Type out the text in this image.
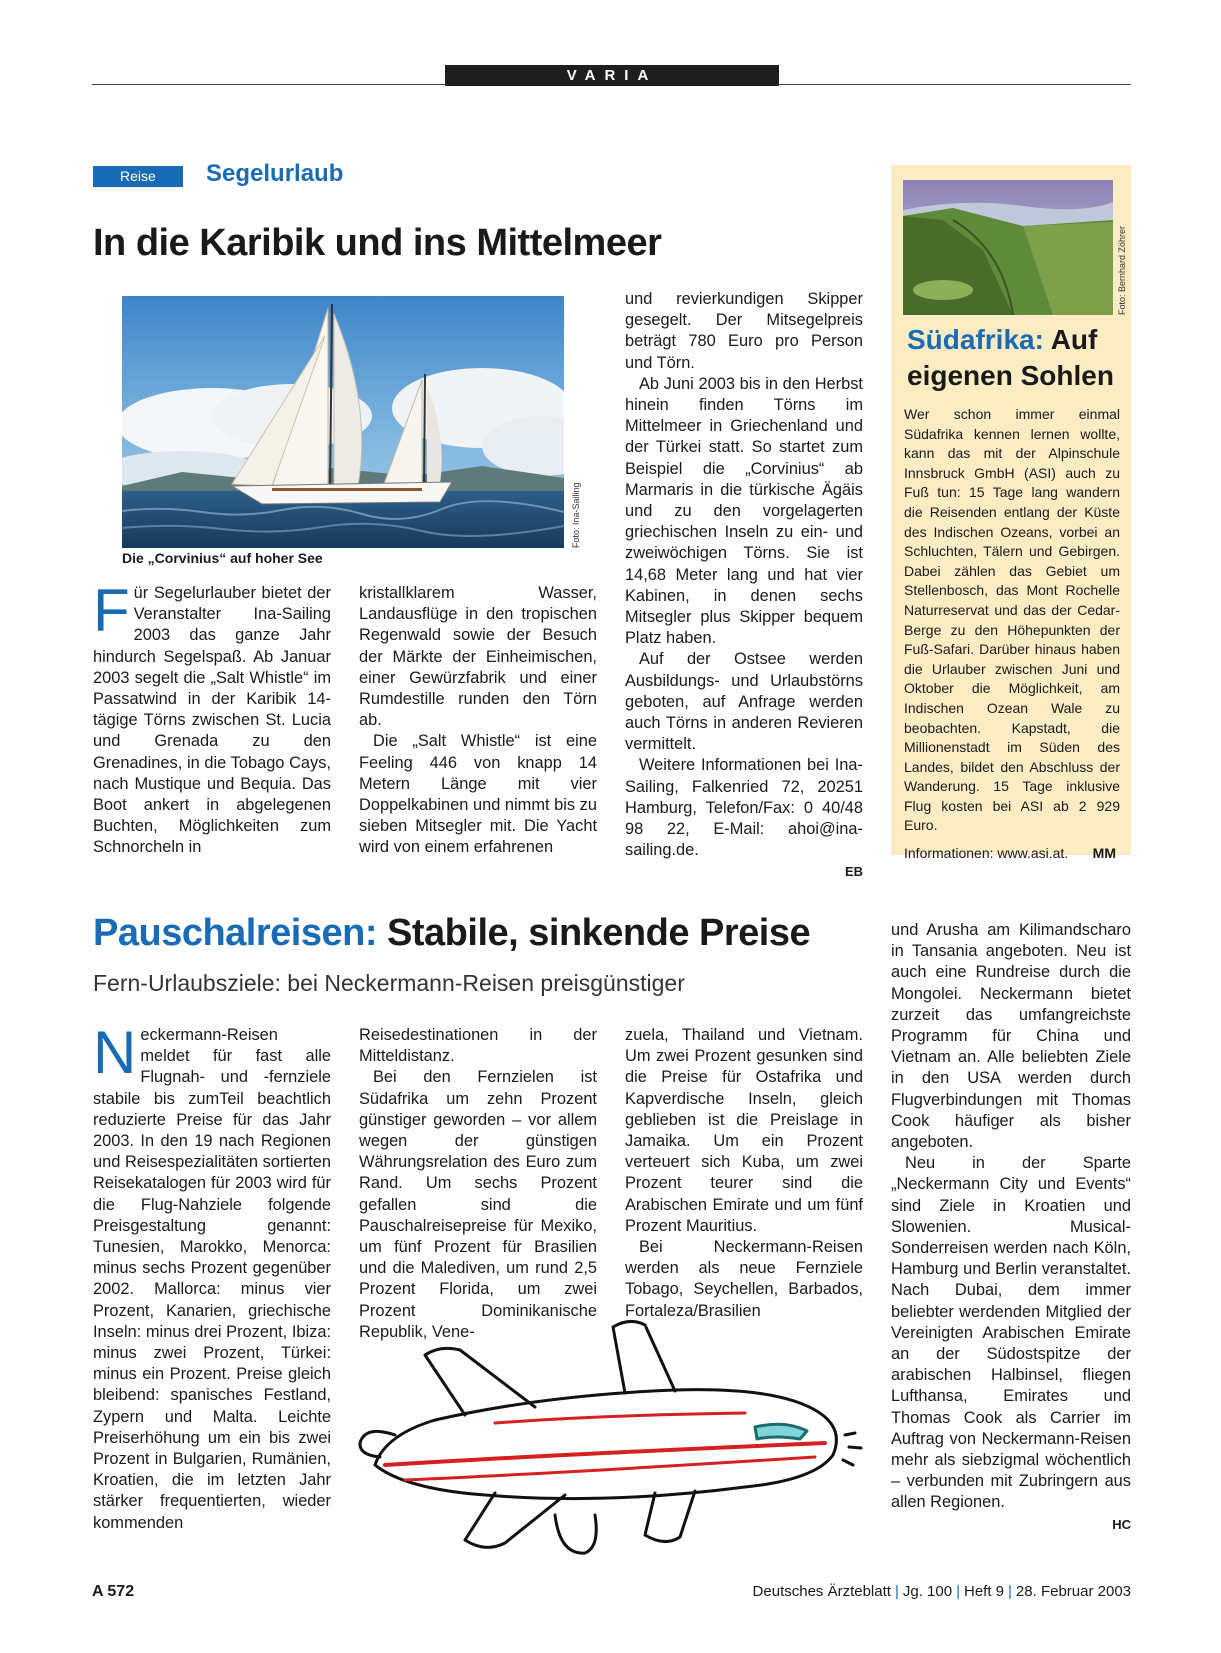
VARIA
Reise	Segelurlaub
In die Karibik und ins Mittelmeer
Foto: Ina-Sailing
Die „Corvinius“ auf hoher See
Für Segelurlauber bietet der Veranstalter Ina-Sailing 2003 das ganze Jahr hindurch Segelspaß. Ab Januar 2003 segelt die „Salt Whistle“ im Passatwind in der Karibik 14-tägige Törns zwischen St. Lucia und Grenada zu den Grenadines, in die Tobago Cays, nach Mustique und Bequia. Das Boot ankert in abgelegenen Buchten, Möglichkeiten zum Schnorcheln in

kristallklarem Wasser, Landausflüge in den tropischen Regenwald sowie der Besuch der Märkte der Einheimischen, einer Gewürzfabrik und einer Rumdestille runden den Törn ab.

Die „Salt Whistle“ ist eine Feeling 446 von knapp 14 Metern Länge mit vier Doppelkabinen und nimmt bis zu sieben Mitsegler mit. Die Yacht wird von einem erfahrenen

und revierkundigen Skipper gesegelt. Der Mitsegelpreis beträgt 780 Euro pro Person und Törn.

Ab Juni 2003 bis in den Herbst hinein finden Törns im Mittelmeer in Griechenland und der Türkei statt. So startet zum Beispiel die „Corvinius“ ab Marmaris in die türkische Ägäis und zu den vorgelagerten griechischen Inseln zu ein- und zweiwöchigen Törns. Sie ist 14,68 Meter lang und hat vier Kabinen, in denen sechs Mitsegler plus Skipper bequem Platz haben.

Auf der Ostsee werden Ausbildungs- und Urlaubstörns geboten, auf Anfrage werden auch Törns in anderen Revieren vermittelt.

Weitere Informationen bei Ina-Sailing, Falkenried 72, 20251 Hamburg, Telefon/Fax: 0 40/48 98 22, E-Mail: ahoi@ina-sailing.de.

EB
Foto: Bernhard Zöhrer
Südafrika: Auf eigenen Sohlen

Wer schon immer einmal Südafrika kennen lernen wollte, kann das mit der Alpinschule Innsbruck GmbH (ASI) auch zu Fuß tun: 15 Tage lang wandern die Reisenden entlang der Küste des Indischen Ozeans, vorbei an Schluchten, Tälern und Gebirgen. Dabei zählen das Gebiet um Stellenbosch, das Mont Rochelle Naturreservat und das der Cedar-Berge zu den Höhepunkten der Fuß-Safari. Darüber hinaus haben die Urlauber zwischen Juni und Oktober die Möglichkeit, am Indischen Ozean Wale zu beobachten. Kapstadt, die Millionenstadt im Süden des Landes, bildet den Abschluss der Wanderung. 15 Tage inklusive Flug kosten bei ASI ab 2 929 Euro.

Informationen: www.asi.at. MM

Pauschalreisen: Stabile, sinkende Preise
Fern-Urlaubsziele: bei Neckermann-Reisen preisgünstiger
Neckermann-Reisen meldet für fast alle Flugnah- und -fernziele stabile bis zumTeil beachtlich reduzierte Preise für das Jahr 2003. In den 19 nach Regionen und Reisespezialitäten sortierten Reisekatalogen für 2003 wird für die Flug-Nahziele folgende Preisgestaltung genannt: Tunesien, Marokko, Menorca: minus sechs Prozent gegenüber 2002. Mallorca: minus vier Prozent, Kanarien, griechische Inseln: minus drei Prozent, Ibiza: minus zwei Prozent, Türkei: minus ein Prozent. Preise gleich bleibend: spanisches Festland, Zypern und Malta. Leichte Preiserhöhung um ein bis zwei Prozent in Bulgarien, Rumänien, Kroatien, die im letzten Jahr stärker frequentierten, wieder kommenden

Reisedestinationen in der Mitteldistanz.

Bei den Fernzielen ist Südafrika um zehn Prozent günstiger geworden – vor allem wegen der günstigen Währungsrelation des Euro zum Rand. Um sechs Prozent gefallen sind die Pauschalreisepreise für Mexiko, um fünf Prozent für Brasilien und die Malediven, um rund 2,5 Prozent Florida, um zwei Prozent Dominikanische Republik, Vene-

zuela, Thailand und Vietnam. Um zwei Prozent gesunken sind die Preise für Ostafrika und Kapverdische Inseln, gleich geblieben ist die Preislage in Jamaika. Um ein Prozent verteuert sich Kuba, um zwei Prozent teurer sind die Arabischen Emirate und um fünf Prozent Mauritius.

Bei Neckermann-Reisen werden als neue Fernziele Tobago, Seychellen, Barbados, Fortaleza/Brasilien

und Arusha am Kilimandscharo in Tansania angeboten. Neu ist auch eine Rundreise durch die Mongolei. Neckermann bietet zurzeit das umfangreichste Programm für China und Vietnam an. Alle beliebten Ziele in den USA werden durch Flugverbindungen mit Thomas Cook häufiger als bisher angeboten.

Neu in der Sparte „Neckermann City und Events“ sind Ziele in Kroatien und Slowenien. Musical-Sonderreisen werden nach Köln, Hamburg und Berlin veranstaltet. Nach Dubai, dem immer beliebter werdenden Mitglied der Vereinigten Arabischen Emirate an der Südostspitze der arabischen Halbinsel, fliegen Lufthansa, Emirates und Thomas Cook als Carrier im Auftrag von Neckermann-Reisen mehr als siebzigmal wöchentlich – verbunden mit Zubringern aus allen Regionen.

HC
A 572	Deutsches Ärzteblatt | Jg. 100 | Heft 9 | 28. Februar 2003
